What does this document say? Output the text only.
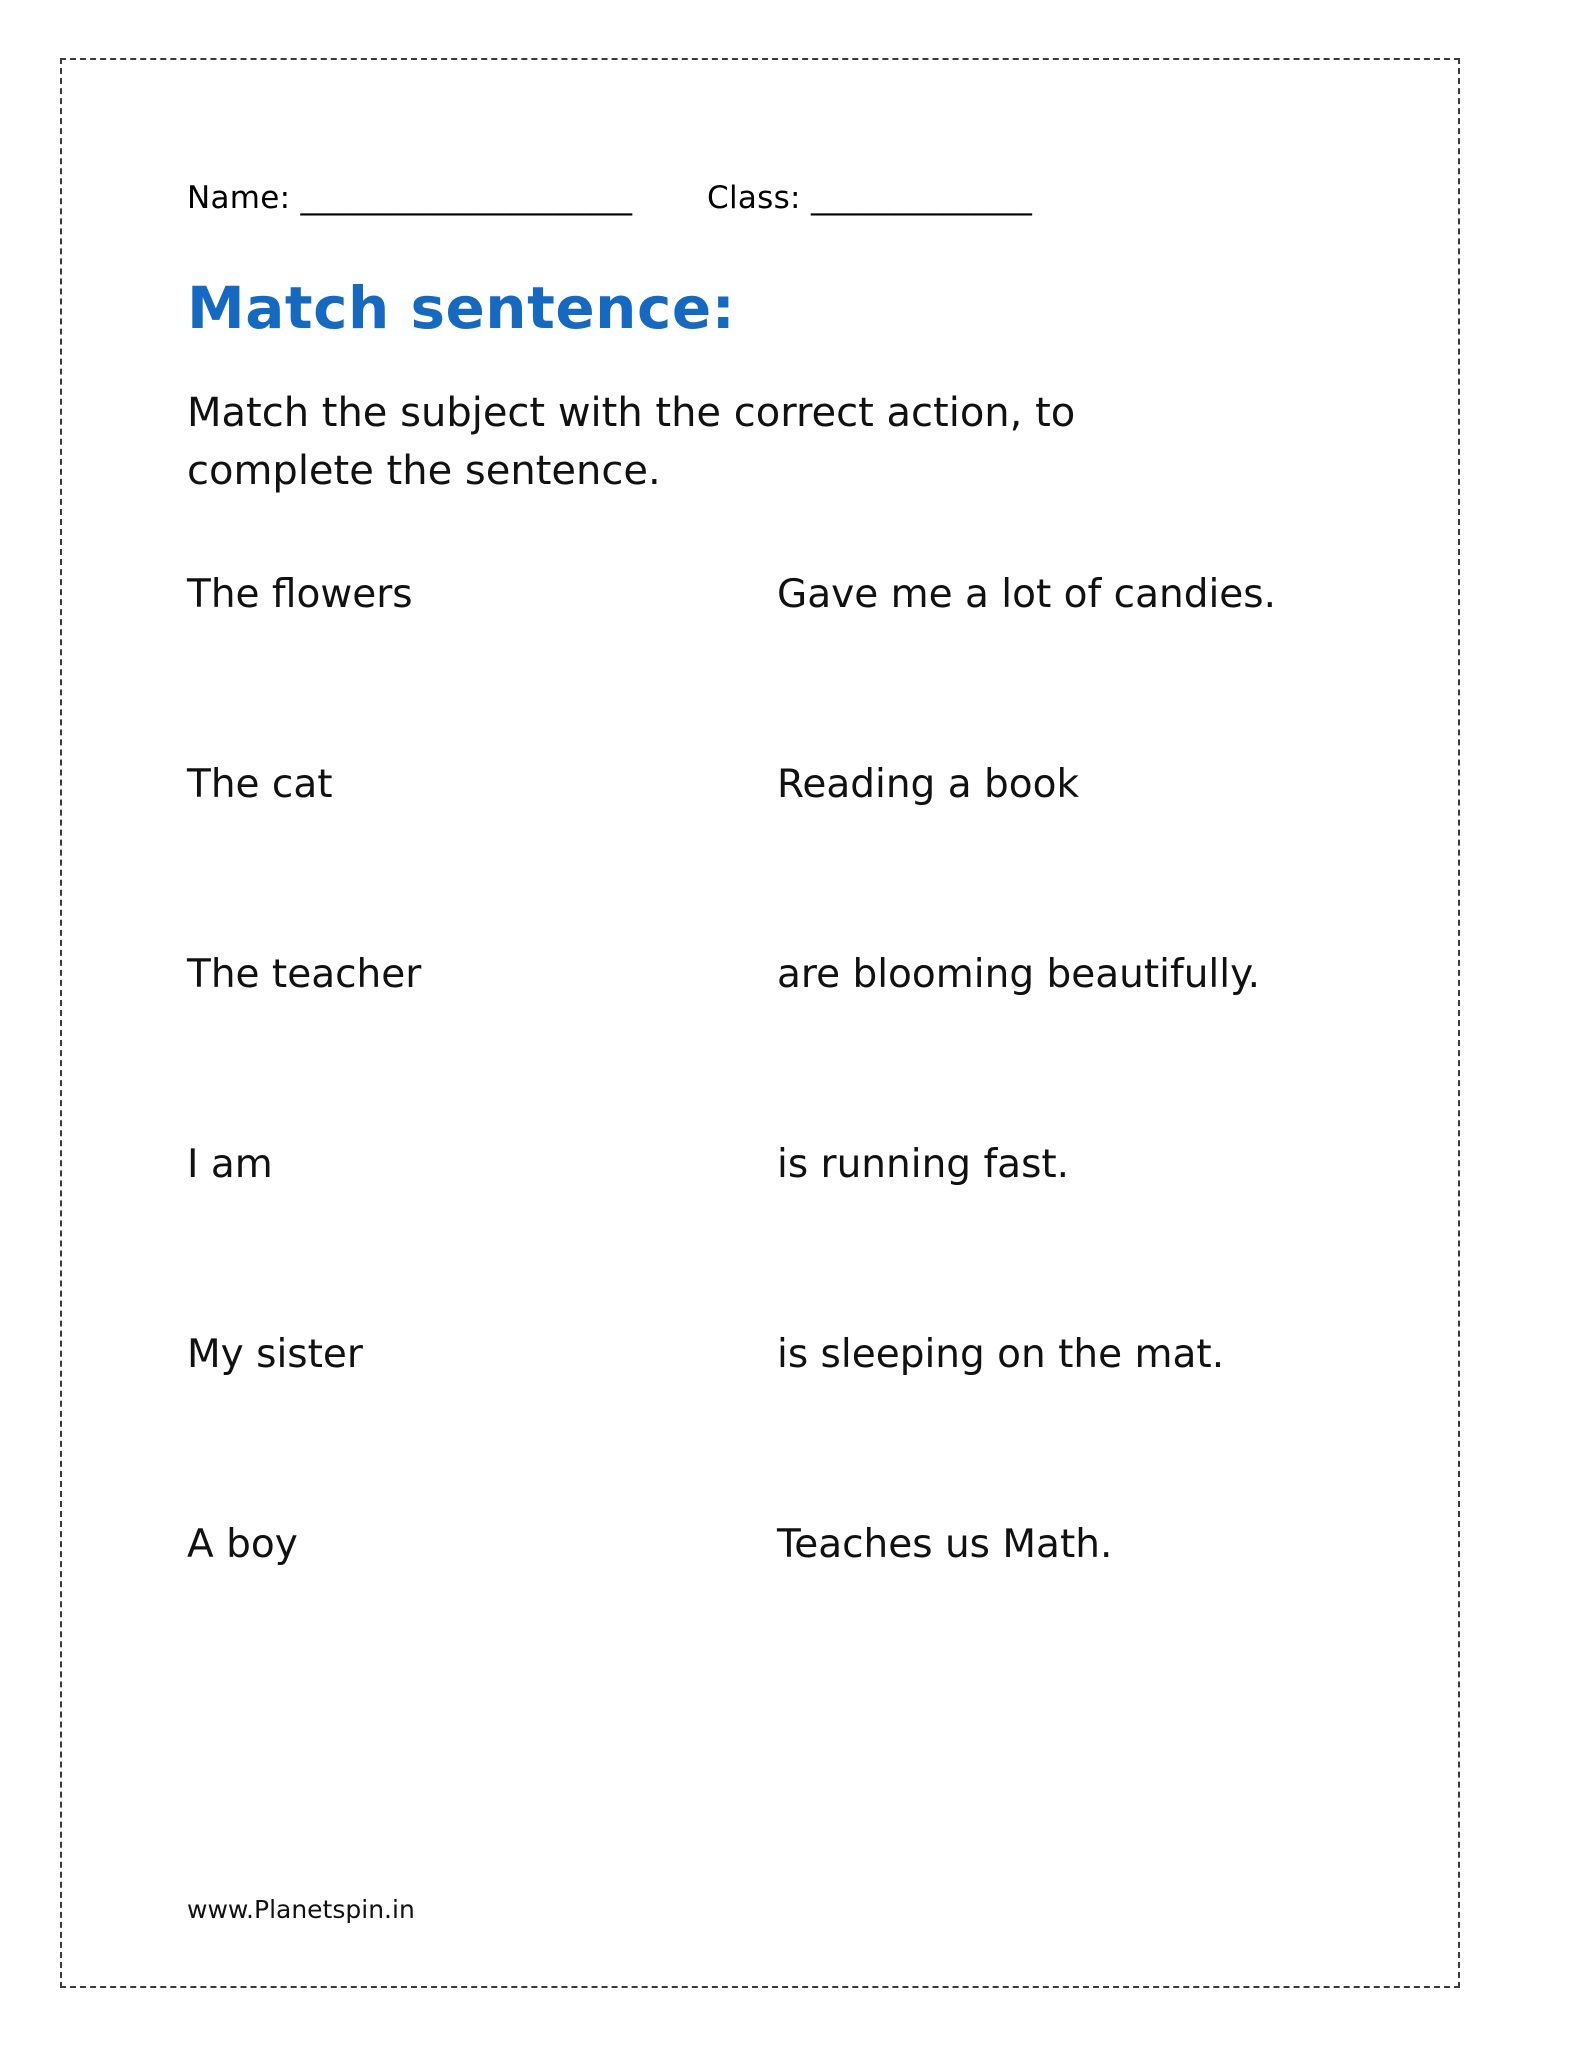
Name: _____________________	Class: ______________
Match sentence:
Match the subject with the correct action, to complete the sentence.
The flowers	Gave me a lot of candies.
The cat	Reading a book
The teacher	are blooming beautifully.
I am	is running fast.
My sister	is sleeping on the mat.
A boy	Teaches us Math.
www.Planetspin.in
